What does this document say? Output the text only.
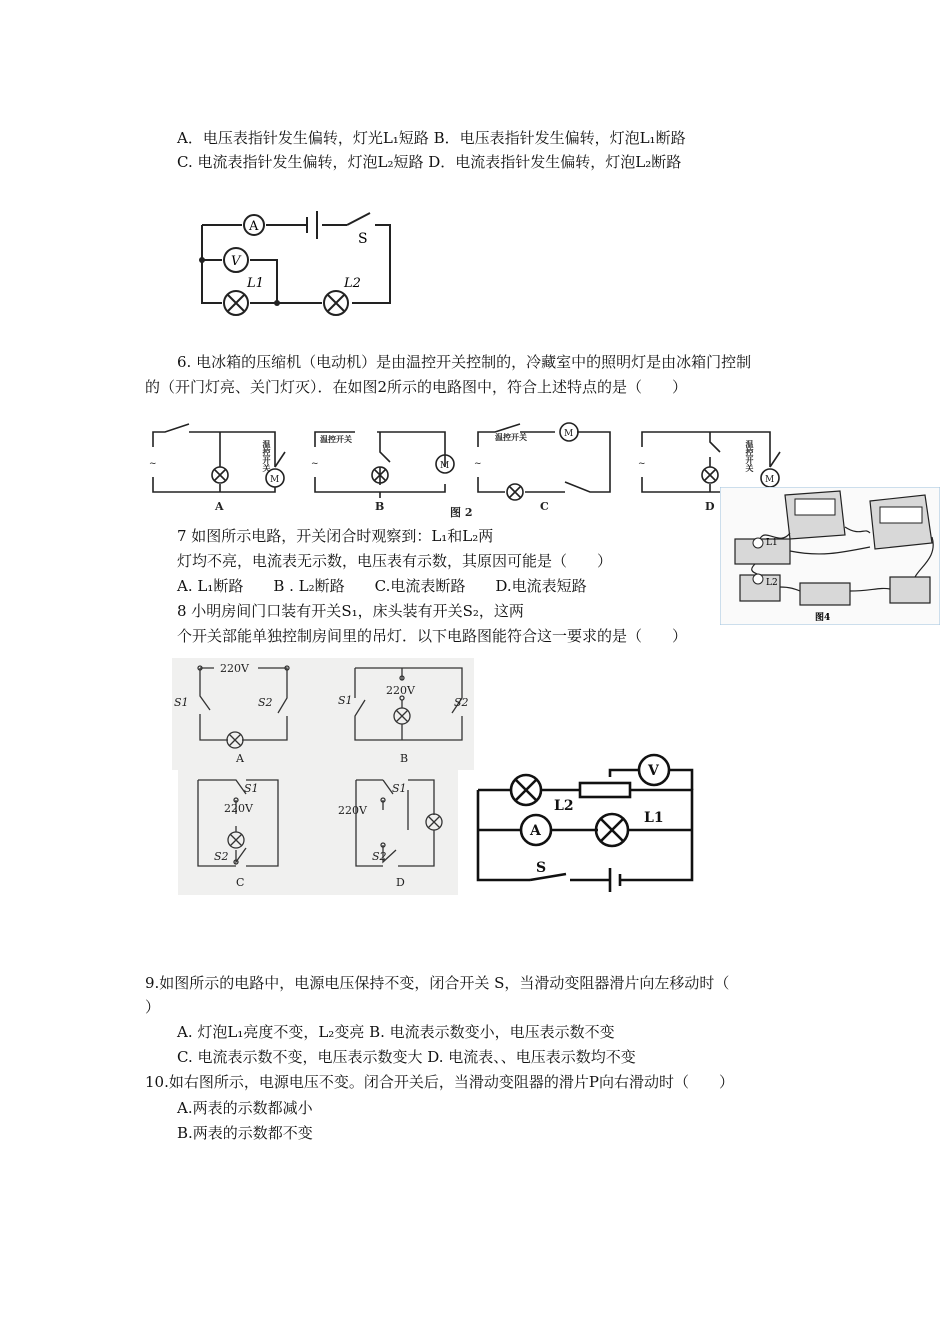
A．电压表指针发生偏转，灯光L₁短路 B．电压表指针发生偏转，灯泡L₁断路
C. 电流表指针发生偏转，灯泡L₂短路 D．电流表指针发生偏转，灯泡L₂断路
A
V
S
L1	L2
6. 电冰箱的压缩机（电动机）是由温控开关控制的，冷藏室中的照明灯是由冰箱门控制
的（开门灯亮、关门灯灭）．在如图2所示的电路图中，符合上述特点的是（　　）
~	~	~	~
M
M
M
M
温控开关
温控开关	温控开关
温控开关
A	B	C	D
图 2
7 如图所示电路，开关闭合时观察到：L₁和L₂两
灯均不亮，电流表无示数，电压表有示数，其原因可能是（　　）
A. L₁断路　　B . L₂断路　　C.电流表断路　　D.电流表短路
L1
L2
图4
8 小明房间门口装有开关S₁，床头装有开关S₂，这两
个开关部能单独控制房间里的吊灯．以下电路图能符合这一要求的是（　　）
220V
220V
S1	S2	S1	S2
A	B
220V	220V
S1
S2
S1
S2
C	D
L2
L1
A
V
S
9.如图所示的电路中，电源电压保持不变，闭合开关 S，当滑动变阻器滑片向左移动时（
）
A. 灯泡L₁亮度不变，L₂变亮 B. 电流表示数变小，电压表示数不变
C. 电流表示数不变，电压表示数变大 D. 电流表、、电压表示数均不变
10.如右图所示，电源电压不变。闭合开关后，当滑动变阻器的滑片P向右滑动时（　　）
A.两表的示数都减小
B.两表的示数都不变
